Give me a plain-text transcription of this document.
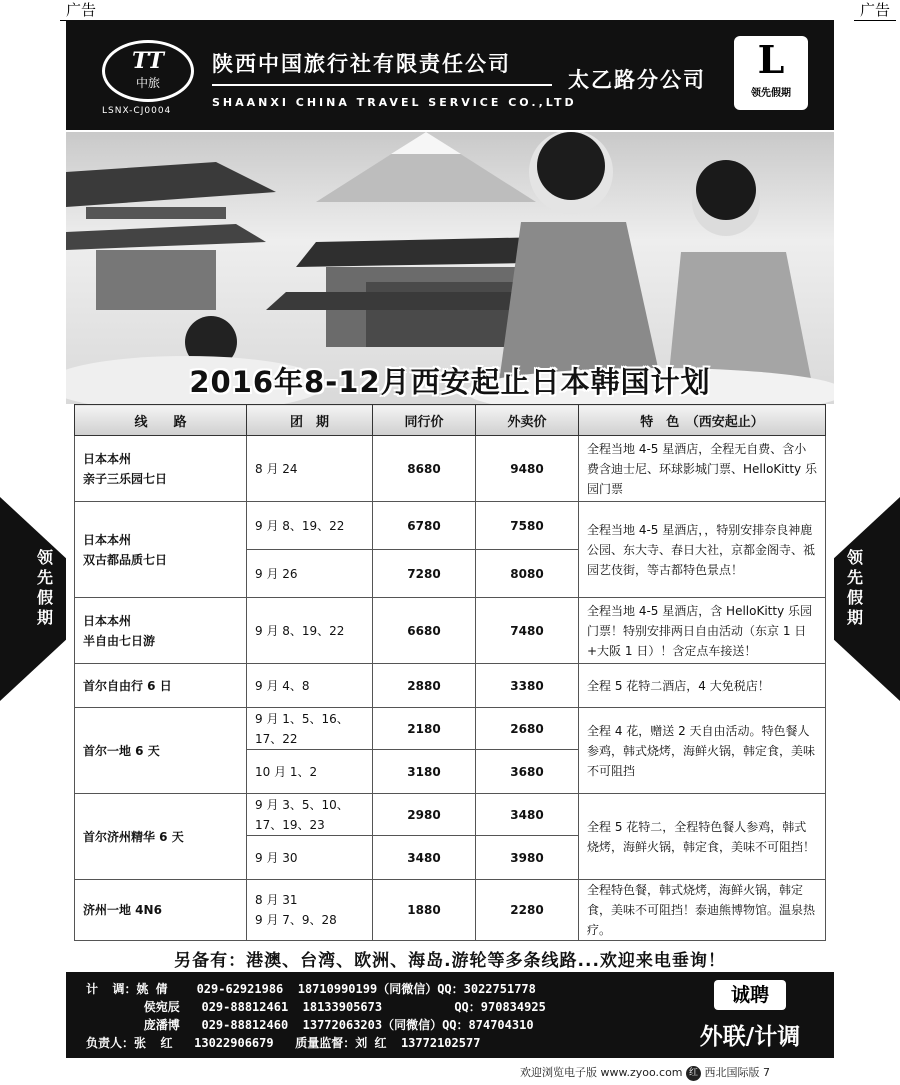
广告	广告
领先假期
领先假期
TT
中旅
LSNX-CJ0004
陕西中国旅行社有限责任公司
SHAANXI CHINA TRAVEL SERVICE CO.,LTD
太乙路分公司	L
领先假期
2016年8-12月西安起止日本韩国计划
线　　路	团　期	同行价	外卖价	特　色　（西安起止）
日本本州
亲子三乐园七日	8 月 24	8680	9480	全程当地 4-5 星酒店，全程无自费、含小费含迪士尼、环球影城门票、HelloKitty 乐园门票
日本本州
双古都品质七日	9 月 8、19、22	6780	7580	全程当地 4-5 星酒店，，特别安排奈良神鹿公园、东大寺、春日大社，京都金阁寺、祗园艺伎街，等古都特色景点！
	9 月 26	7280	8080	
日本本州
半自由七日游	9 月 8、19、22	6680	7480	全程当地 4-5 星酒店，含 HelloKitty 乐园门票！特别安排两日自由活动（东京 1 日+大阪 1 日）！含定点车接送！
首尔自由行 6 日	9 月 4、8	2880	3380	全程 5 花特二酒店，4 大免税店！
首尔一地 6 天	9 月 1、5、16、17、22	2180	2680	全程 4 花，赠送 2 天自由活动。特色餐人参鸡，韩式烧烤，海鲜火锅，韩定食，美味不可阻挡
	10 月 1、2	3180	3680	
首尔济州精华 6 天	9 月 3、5、10、17、19、23	2980	3480	全程 5 花特二，全程特色餐人参鸡，韩式烧烤，海鲜火锅，韩定食，美味不可阻挡！
	9 月 30	3480	3980	
济州一地 4N6	8 月 31
9 月 7、9、28	1880	2280	全程特色餐，韩式烧烤，海鲜火锅，韩定食，美味不可阻挡！泰迪熊博物馆。温泉热疗。
另备有：港澳、台湾、欧洲、海岛.游轮等多条线路...欢迎来电垂询！
计  调：姚 倩    029-62921986  18710990199（同微信）QQ：3022751778
侯宛辰   029-88812461  18133905673          QQ：970834925
庞潘博   029-88812460  13772063203（同微信）QQ：874704310
负责人：张  红   13022906679   质量监督：刘 红  13772102577
诚聘
外联/计调
欢迎浏览电子版 www.zyoo.com 红 西北国际版 7
